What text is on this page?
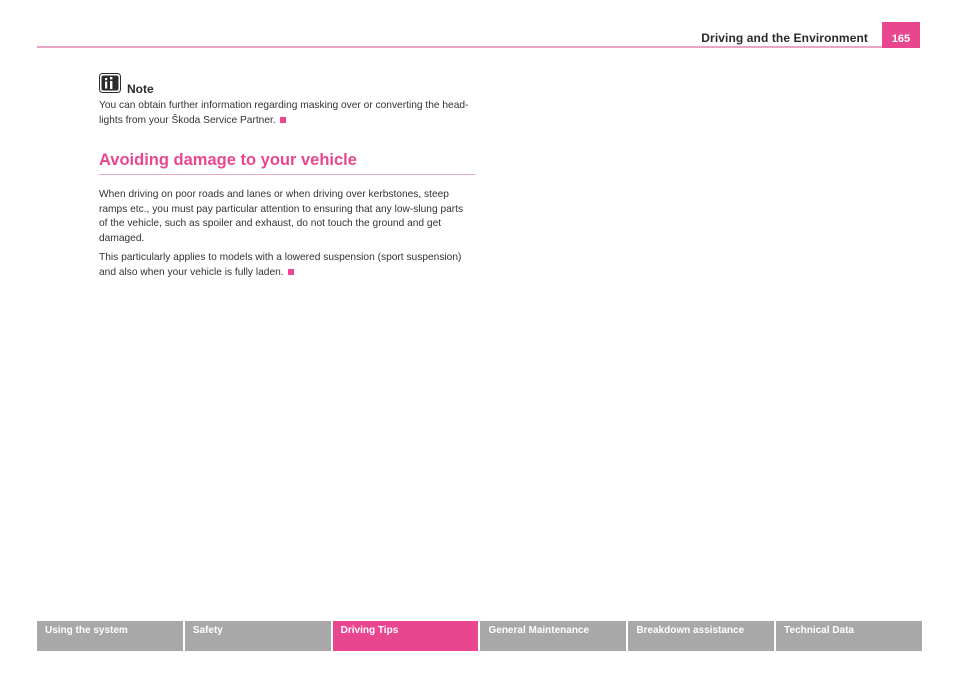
Driving and the Environment	165
Note
You can obtain further information regarding masking over or converting the head-
lights from your Škoda Service Partner.
Avoiding damage to your vehicle
When driving on poor roads and lanes or when driving over kerbstones, steep
ramps etc., you must pay particular attention to ensuring that any low-slung parts
of the vehicle, such as spoiler and exhaust, do not touch the ground and get
damaged.
This particularly applies to models with a lowered suspension (sport suspension)
and also when your vehicle is fully laden.
Using the system	Safety	Driving Tips	General Maintenance	Breakdown assistance	Technical Data
